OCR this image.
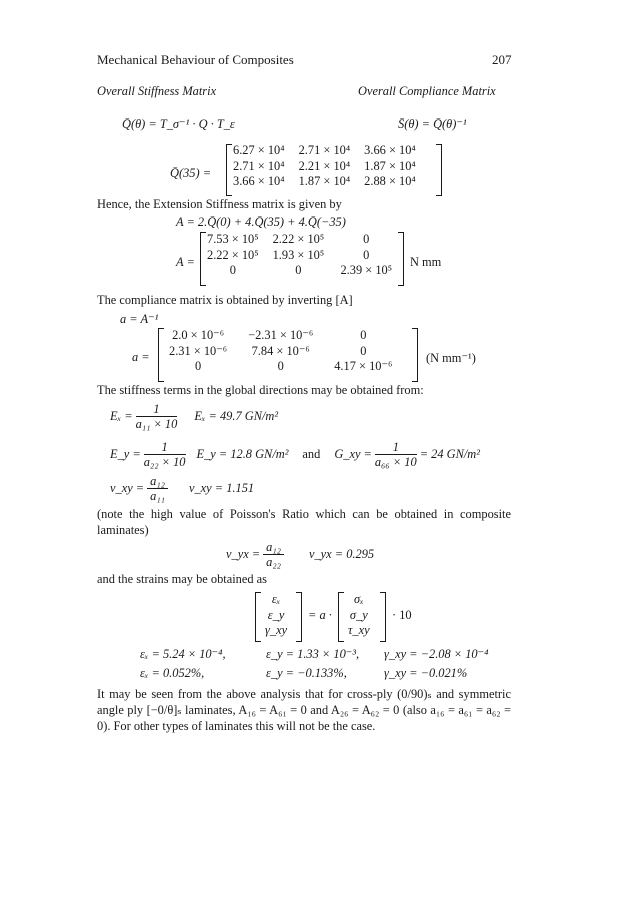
Mechanical Behaviour of Composites	207
Overall Stiffness Matrix	Overall Compliance Matrix
Q̄(θ) = T_σ⁻¹ · Q · T_ε	S̄(θ) = Q̄(θ)⁻¹
Q̄(35) =
6.27 × 10⁴	2.71 × 10⁴	3.66 × 10⁴
2.71 × 10⁴	2.21 × 10⁴	1.87 × 10⁴
3.66 × 10⁴	1.87 × 10⁴	2.88 × 10⁴
Hence, the Extension Stiffness matrix is given by
A = 2.Q̄(0) + 4.Q̄(35) + 4.Q̄(−35)
A =
7.53 × 10⁵	2.22 × 10⁵	0
2.22 × 10⁵	1.93 × 10⁵	0
0	0	2.39 × 10⁵
N mm
The compliance matrix is obtained by inverting [A]
a = A⁻¹
a =
2.0 × 10⁻⁶	−2.31 × 10⁻⁶	0
2.31 × 10⁻⁶	7.84 × 10⁻⁶	0
0	0	4.17 × 10⁻⁶
(N mm⁻¹)
The stiffness terms in the global directions may be obtained from:
$E_x = \frac{1}{\text{a₁₁ × 10}}$ Eₓ = 49.7 GN/m²
E_y = $\frac{1}{\text{a₂₂ × 10}}$ E_y = 12.8 GN/m² and G_xy = $\frac{1}{\text{a₆₆ × 10}} = 24$ GN/m²
ν_xy = $\frac{\text{a₁₂}}{\text{a₁₁}}$ ν_xy = 1.151

(note the high value of Poisson's Ratio which can be obtained in composite laminates)

ν_yx = $\frac{\text{a₁₂}}{\text{a₂₂}}$ ν_yx = 0.295
and the strains may be obtained as
εₓ
ε_y
γ_xy
= a ·
σₓ
σ_y
τ_xy
· 10
εₓ = 5.24 × 10⁻⁴,	ε_y = 1.33 × 10⁻³, γ_xy = −2.08 × 10⁻⁴
εₓ = 0.052%,	ε_y = −0.133%,	γ_xy = −0.021%

It may be seen from the above analysis that for cross-ply (0/90)ₛ and symmetric angle ply [−0/θ]ₛ laminates, A₁₆ = A₆₁ = 0 and A₂₆ = A₆₂ = 0 (also a₁₆ = a₆₁ = a₆₂ = 0). For other types of laminates this will not be the case.
